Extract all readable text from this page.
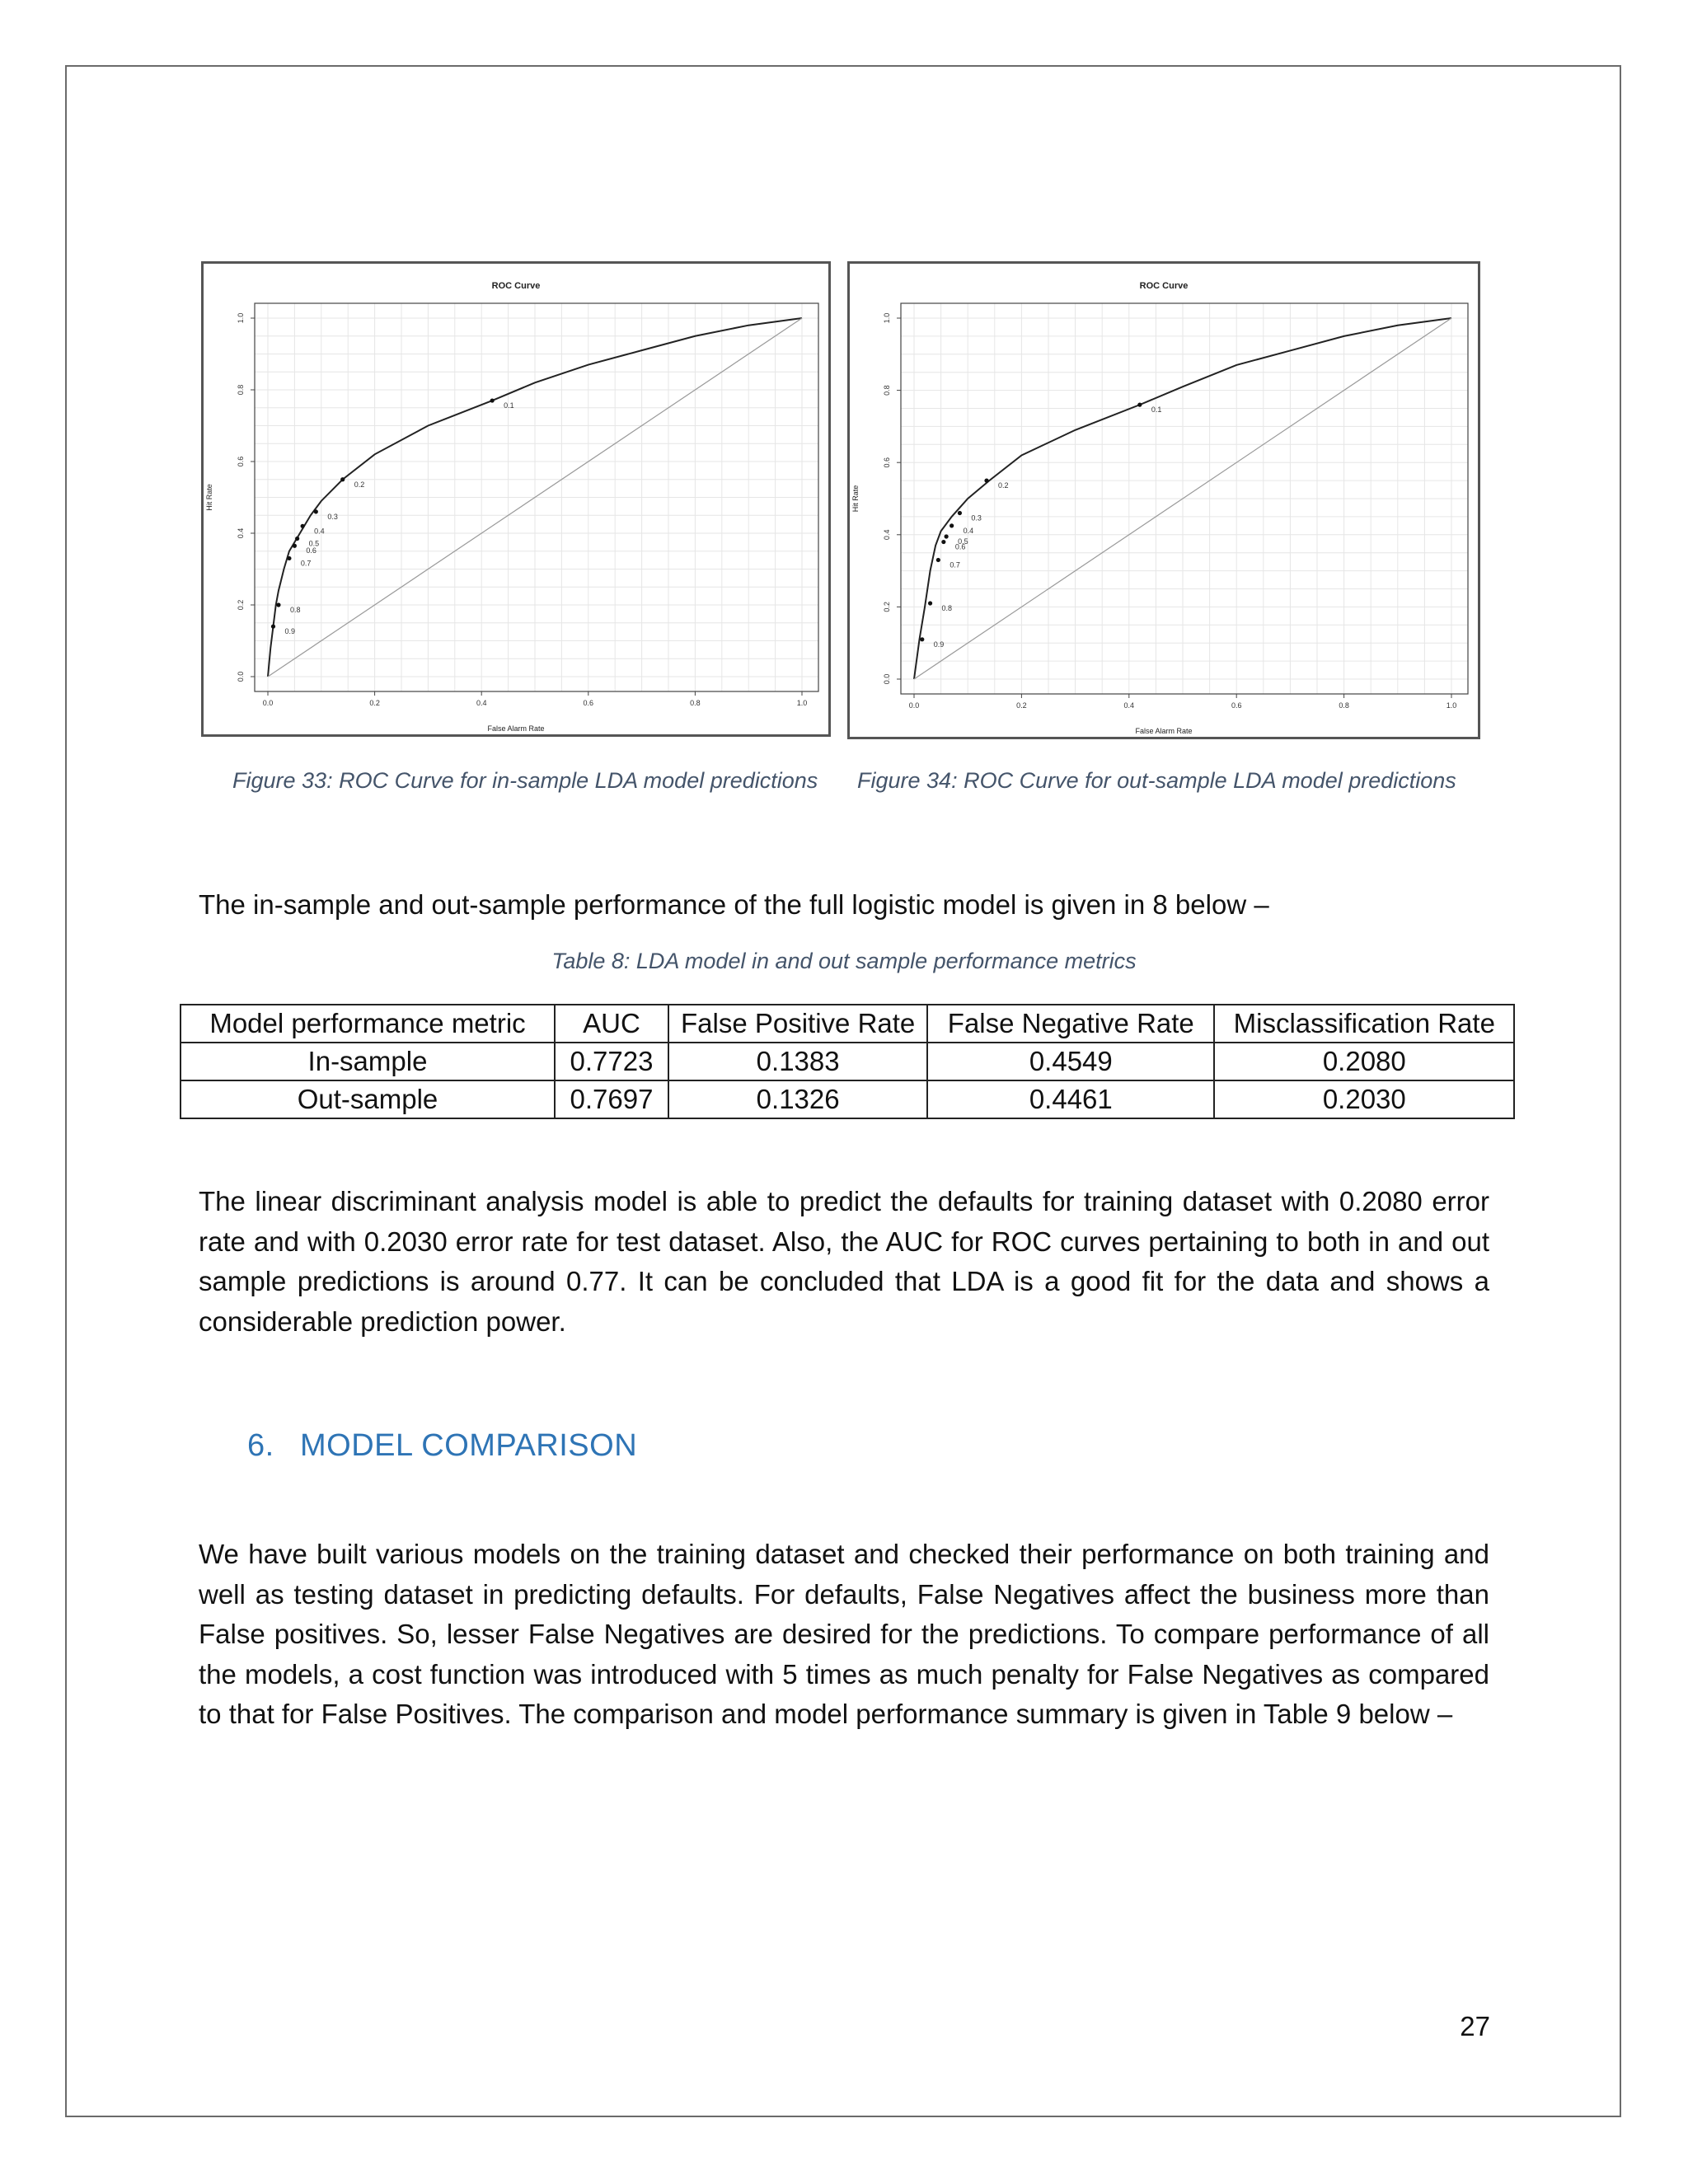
ROC Curve
0.0
0.0
0.2
0.2
0.4
0.4
0.6
0.6
0.8
0.8
1.0
1.0
False Alarm Rate
Hit Rate
0.1
0.2
0.3
0.4
0.5
0.6
0.7
0.8
0.9
Figure 33: ROC Curve for in-sample LDA model predictions
ROC Curve
0.0
0.0
0.2
0.2
0.4
0.4
0.6
0.6
0.8
0.8
1.0
1.0
False Alarm Rate
Hit Rate
0.1
0.2
0.3
0.4
0.5
0.6
0.7
0.8
0.9
Figure 34: ROC Curve for out-sample LDA model predictions
The in-sample and out-sample performance of the full logistic model is given in 8 below –
Table 8: LDA model in and out sample performance metrics
Model performance metric	AUC	False Positive Rate	False Negative Rate	Misclassification Rate
In-sample	0.7723	0.1383	0.4549	0.2080
Out-sample	0.7697	0.1326	0.4461	0.2030
The linear discriminant analysis model is able to predict the defaults for training dataset with 0.2080 error rate and with 0.2030 error rate for test dataset. Also, the AUC for ROC curves pertaining to both in and out sample predictions is around 0.77. It can be concluded that LDA is a good fit for the data and shows a considerable prediction power.
6. MODEL COMPARISON
We have built various models on the training dataset and checked their performance on both training and well as testing dataset in predicting defaults. For defaults, False Negatives affect the business more than False positives. So, lesser False Negatives are desired for the predictions. To compare performance of all the models, a cost function was introduced with 5 times as much penalty for False Negatives as compared to that for False Positives. The comparison and model performance summary is given in Table 9 below –
27
